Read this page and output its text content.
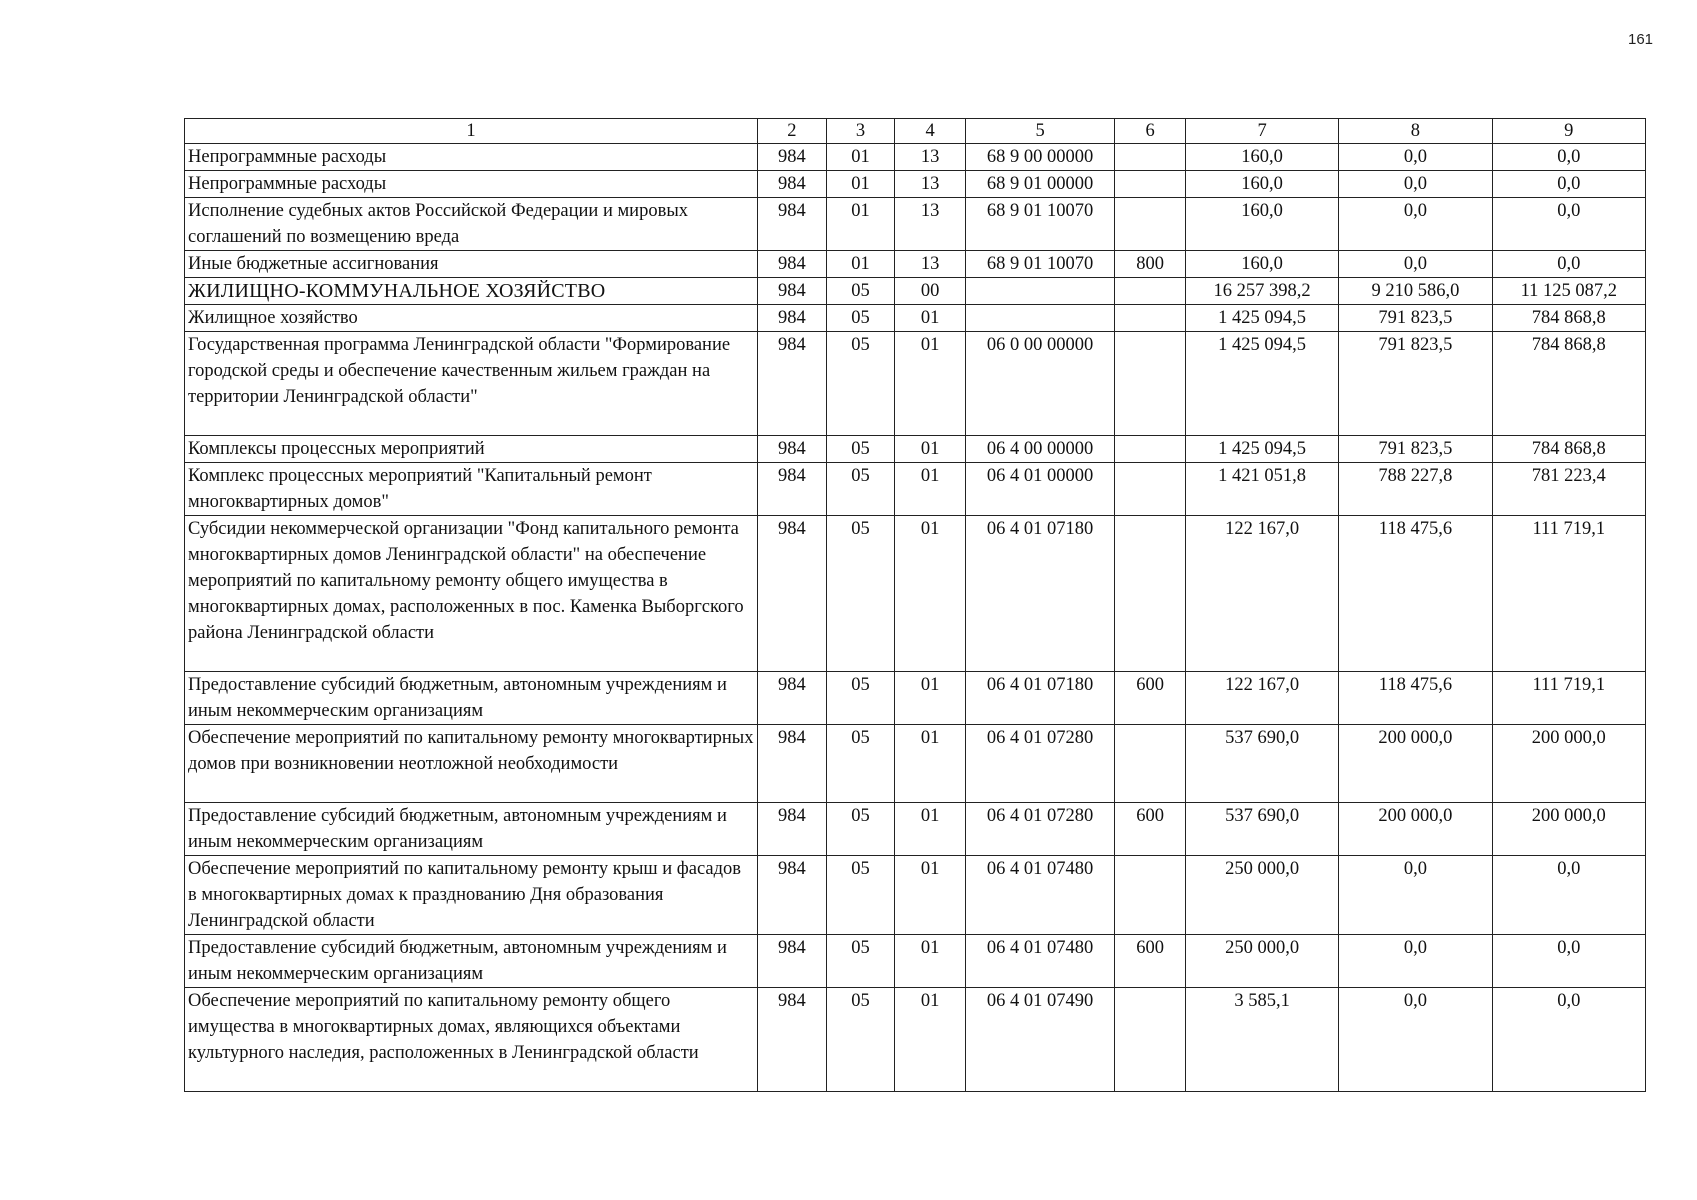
161
1	2	3	4	5	6	7	8	9
Непрограммные расходы	984	01	13	68 9 00 00000		160,0	0,0	0,0
Непрограммные расходы	984	01	13	68 9 01 00000		160,0	0,0	0,0
Исполнение судебных актов Российской Федерации и мировых соглашений по возмещению вреда	984	01	13	68 9 01 10070		160,0	0,0	0,0
Иные бюджетные ассигнования	984	01	13	68 9 01 10070	800	160,0	0,0	0,0
ЖИЛИЩНО-КОММУНАЛЬНОЕ ХОЗЯЙСТВО	984	05	00			16 257 398,2	9 210 586,0	11 125 087,2
Жилищное хозяйство	984	05	01			1 425 094,5	791 823,5	784 868,8
Государственная программа Ленинградской области "Формирование городской среды и обеспечение качественным жильем граждан на территории Ленинградской области"	984	05	01	06 0 00 00000		1 425 094,5	791 823,5	784 868,8
Комплексы процессных мероприятий	984	05	01	06 4 00 00000		1 425 094,5	791 823,5	784 868,8
Комплекс процессных мероприятий "Капитальный ремонт многоквартирных домов"	984	05	01	06 4 01 00000		1 421 051,8	788 227,8	781 223,4
Субсидии некоммерческой организации "Фонд капитального ремонта многоквартирных домов Ленинградской области" на обеспечение мероприятий по капитальному ремонту общего имущества в многоквартирных домах, расположенных в пос. Каменка Выборгского района Ленинградской области	984	05	01	06 4 01 07180		122 167,0	118 475,6	111 719,1
Предоставление субсидий бюджетным, автономным учреждениям и иным некоммерческим организациям	984	05	01	06 4 01 07180	600	122 167,0	118 475,6	111 719,1
Обеспечение мероприятий по капитальному ремонту многоквартирных домов при возникновении неотложной необходимости	984	05	01	06 4 01 07280		537 690,0	200 000,0	200 000,0
Предоставление субсидий бюджетным, автономным учреждениям и иным некоммерческим организациям	984	05	01	06 4 01 07280	600	537 690,0	200 000,0	200 000,0
Обеспечение мероприятий по капитальному ремонту крыш и фасадов в многоквартирных домах к празднованию Дня образования Ленинградской области	984	05	01	06 4 01 07480		250 000,0	0,0	0,0
Предоставление субсидий бюджетным, автономным учреждениям и иным некоммерческим организациям	984	05	01	06 4 01 07480	600	250 000,0	0,0	0,0
Обеспечение мероприятий по капитальному ремонту общего имущества в многоквартирных домах, являющихся объектами культурного наследия, расположенных в Ленинградской области	984	05	01	06 4 01 07490		3 585,1	0,0	0,0
